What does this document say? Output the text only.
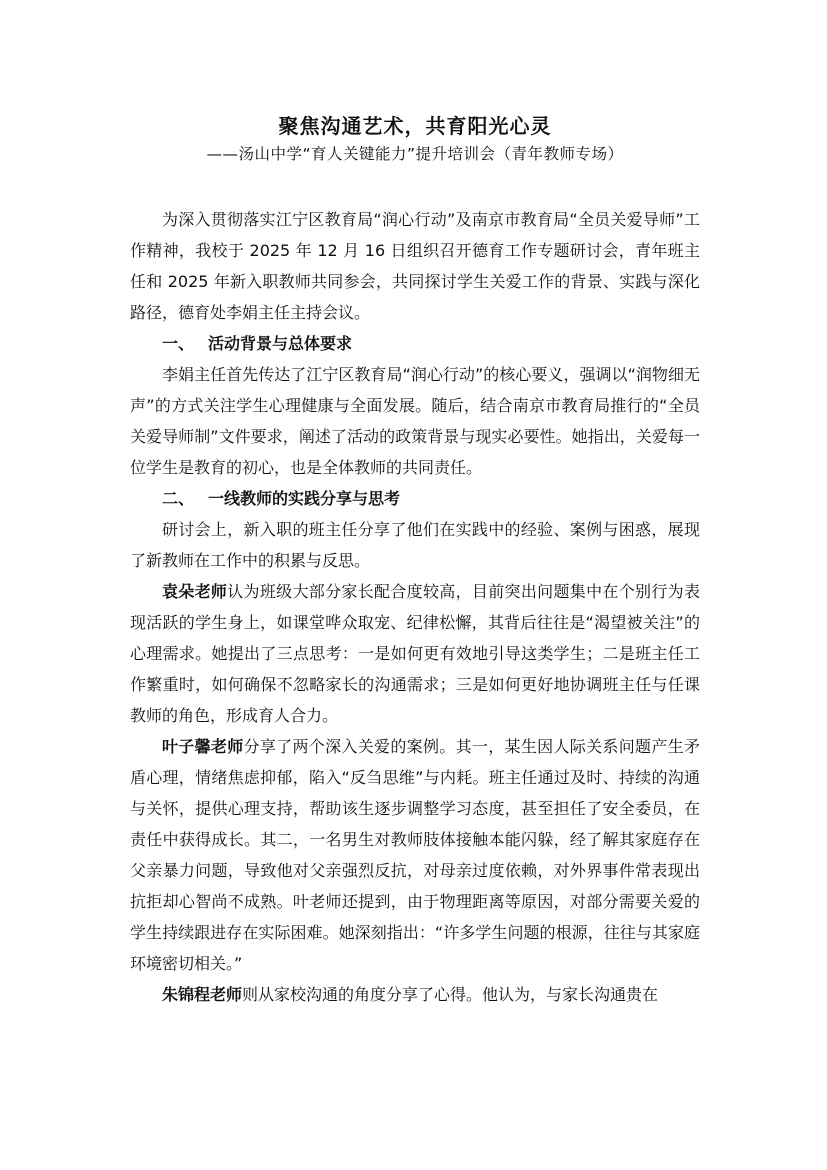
聚焦沟通艺术，共育阳光心灵
——汤山中学“育人关键能力”提升培训会（青年教师专场）

为深入贯彻落实江宁区教育局“润心行动”及南京市教育局“全员关爱导师”工作精神，我校于 2025 年 12 月 16 日组织召开德育工作专题研讨会，青年班主任和 2025 年新入职教师共同参会，共同探讨学生关爱工作的背景、实践与深化路径，德育处李娟主任主持会议。

一、 活动背景与总体要求

李娟主任首先传达了江宁区教育局“润心行动”的核心要义，强调以“润物细无声”的方式关注学生心理健康与全面发展。随后，结合南京市教育局推行的“全员关爱导师制”文件要求，阐述了活动的政策背景与现实必要性。她指出，关爱每一位学生是教育的初心，也是全体教师的共同责任。

二、 一线教师的实践分享与思考

研讨会上，新入职的班主任分享了他们在实践中的经验、案例与困惑，展现了新教师在工作中的积累与反思。

袁朵老师认为班级大部分家长配合度较高，目前突出问题集中在个别行为表现活跃的学生身上，如课堂哗众取宠、纪律松懈，其背后往往是“渴望被关注”的心理需求。她提出了三点思考：一是如何更有效地引导这类学生；二是班主任工作繁重时，如何确保不忽略家长的沟通需求；三是如何更好地协调班主任与任课教师的角色，形成育人合力。

叶子馨老师分享了两个深入关爱的案例。其一，某生因人际关系问题产生矛盾心理，情绪焦虑抑郁，陷入“反刍思维”与内耗。班主任通过及时、持续的沟通与关怀，提供心理支持，帮助该生逐步调整学习态度，甚至担任了安全委员，在责任中获得成长。其二，一名男生对教师肢体接触本能闪躲，经了解其家庭存在父亲暴力问题，导致他对父亲强烈反抗，对母亲过度依赖，对外界事件常表现出抗拒却心智尚不成熟。叶老师还提到，由于物理距离等原因，对部分需要关爱的学生持续跟进存在实际困难。她深刻指出：“许多学生问题的根源，往往与其家庭环境密切相关。”

朱锦程老师则从家校沟通的角度分享了心得。他认为，与家长沟通贵在
